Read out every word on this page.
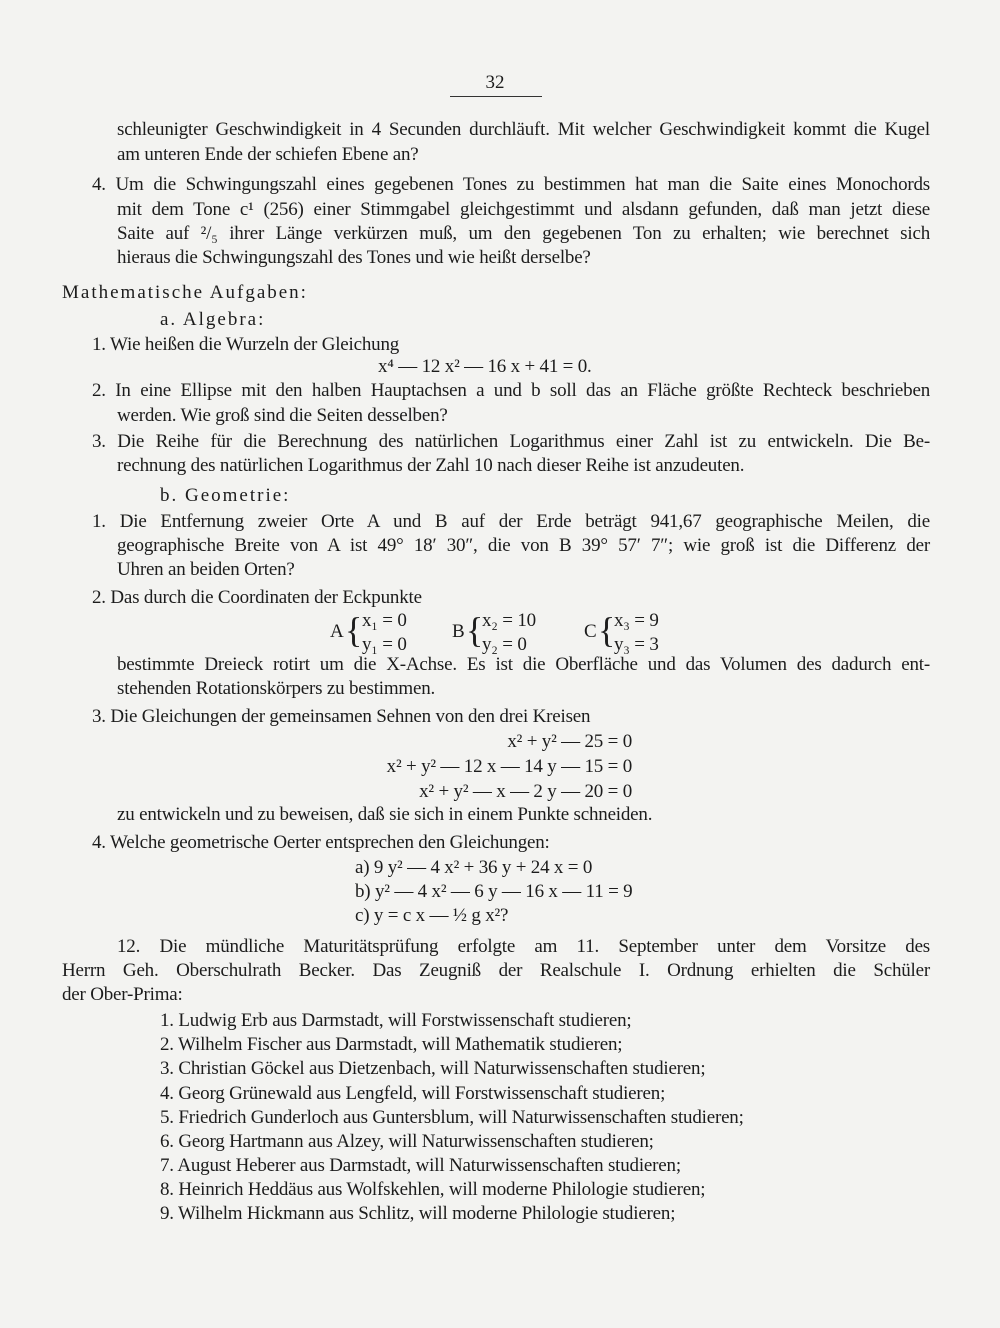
32
schleunigter Geschwindigkeit in 4 Secunden durchläuft. Mit welcher Geschwindigkeit kommt die Kugel
am unteren Ende der schiefen Ebene an?
4. Um die Schwingungszahl eines gegebenen Tones zu bestimmen hat man die Saite eines Monochords
mit dem Tone c¹ (256) einer Stimmgabel gleichgestimmt und alsdann gefunden, daß man jetzt diese
Saite auf ²/₅ ihrer Länge verkürzen muß, um den gegebenen Ton zu erhalten; wie berechnet sich
hieraus die Schwingungszahl des Tones und wie heißt derselbe?
Mathematische Aufgaben:
a. Algebra:
1. Wie heißen die Wurzeln der Gleichung
x⁴ — 12 x² — 16 x + 41 = 0.
2. In eine Ellipse mit den halben Hauptachsen a und b soll das an Fläche größte Rechteck beschrieben
werden. Wie groß sind die Seiten desselben?
3. Die Reihe für die Berechnung des natürlichen Logarithmus einer Zahl ist zu entwickeln. Die Be-
rechnung des natürlichen Logarithmus der Zahl 10 nach dieser Reihe ist anzudeuten.
b. Geometrie:
1. Die Entfernung zweier Orte A und B auf der Erde beträgt 941,67 geographische Meilen, die
geographische Breite von A ist 49° 18′ 30″, die von B 39° 57′ 7″; wie groß ist die Differenz der
Uhren an beiden Orten?
2. Das durch die Coordinaten der Eckpunkte
A { x₁ = 0
y₁ = 0
B {
x₂ = 10
y₂ = 0
C {
x₃ = 9
y₃ = 3
bestimmte Dreieck rotirt um die X-Achse. Es ist die Oberfläche und das Volumen des dadurch ent-
stehenden Rotationskörpers zu bestimmen.
3. Die Gleichungen der gemeinsamen Sehnen von den drei Kreisen
x² + y² — 25 = 0
x² + y² — 12 x — 14 y — 15 = 0
x² + y² — x — 2 y — 20 = 0
zu entwickeln und zu beweisen, daß sie sich in einem Punkte schneiden.
4. Welche geometrische Oerter entsprechen den Gleichungen:
a) 9 y² — 4 x² + 36 y + 24 x = 0
b) y² — 4 x² — 6 y — 16 x — 11 = 9
c) y = c x — ½ g x²?
12. Die mündliche Maturitätsprüfung erfolgte am 11. September unter dem Vorsitze des
Herrn Geh. Oberschulrath Becker. Das Zeugniß der Realschule I. Ordnung erhielten die Schüler
der Ober-Prima:
1. Ludwig Erb aus Darmstadt, will Forstwissenschaft studieren;
2. Wilhelm Fischer aus Darmstadt, will Mathematik studieren;
3. Christian Göckel aus Dietzenbach, will Naturwissenschaften studieren;
4. Georg Grünewald aus Lengfeld, will Forstwissenschaft studieren;
5. Friedrich Gunderloch aus Guntersblum, will Naturwissenschaften studieren;
6. Georg Hartmann aus Alzey, will Naturwissenschaften studieren;
7. August Heberer aus Darmstadt, will Naturwissenschaften studieren;
8. Heinrich Heddäus aus Wolfskehlen, will moderne Philologie studieren;
9. Wilhelm Hickmann aus Schlitz, will moderne Philologie studieren;
